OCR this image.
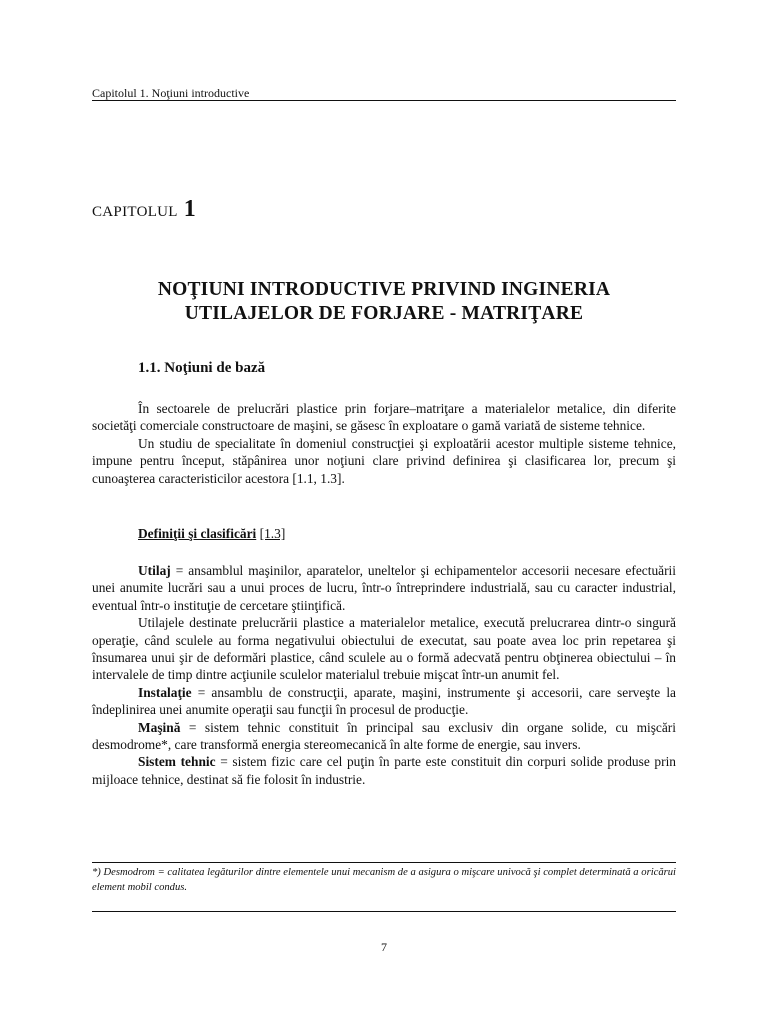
Capitolul 1. Noţiuni introductive
CAPITOLUL 1
NOŢIUNI INTRODUCTIVE PRIVIND INGINERIA
UTILAJELOR DE FORJARE - MATRIŢARE
1.1. Noţiuni de bază

În sectoarele de prelucrări plastice prin forjare–matriţare a materialelor metalice, din diferite societăţi comerciale constructoare de maşini, se găsesc în exploatare o gamă variată de sisteme tehnice.

Un studiu de specialitate în domeniul construcţiei şi exploatării acestor multiple sisteme tehnice, impune pentru început, stăpânirea unor noţiuni clare privind definirea şi clasificarea lor, precum şi cunoaşterea caracteristicilor acestora [1.1, 1.3].

Definiţii şi clasificări [1.3]

Utilaj = ansamblul maşinilor, aparatelor, uneltelor şi echipamentelor accesorii necesare efectuării unei anumite lucrări sau a unui proces de lucru, într-o întreprindere industrială, sau cu caracter industrial, eventual într-o instituţie de cercetare ştiinţifică.

Utilajele destinate prelucrării plastice a materialelor metalice, execută prelucrarea dintr-o singură operaţie, când sculele au forma negativului obiectului de executat, sau poate avea loc prin repetarea şi însumarea unui şir de deformări plastice, când sculele au o formă adecvată pentru obţinerea obiectului – în intervalele de timp dintre acţiunile sculelor materialul trebuie mişcat într-un anumit fel.

Instalaţie = ansamblu de construcţii, aparate, maşini, instrumente şi accesorii, care serveşte la îndeplinirea unei anumite operaţii sau funcţii în procesul de producţie.

Maşină = sistem tehnic constituit în principal sau exclusiv din organe solide, cu mişcări desmodrome*, care transformă energia stereomecanică în alte forme de energie, sau invers.

Sistem tehnic = sistem fizic care cel puţin în parte este constituit din corpuri solide produse prin mijloace tehnice, destinat să fie folosit în industrie.

*) Desmodrom = calitatea legăturilor dintre elementele unui mecanism de a asigura o mişcare univocă şi complet determinată a oricărui element mobil condus.
7
